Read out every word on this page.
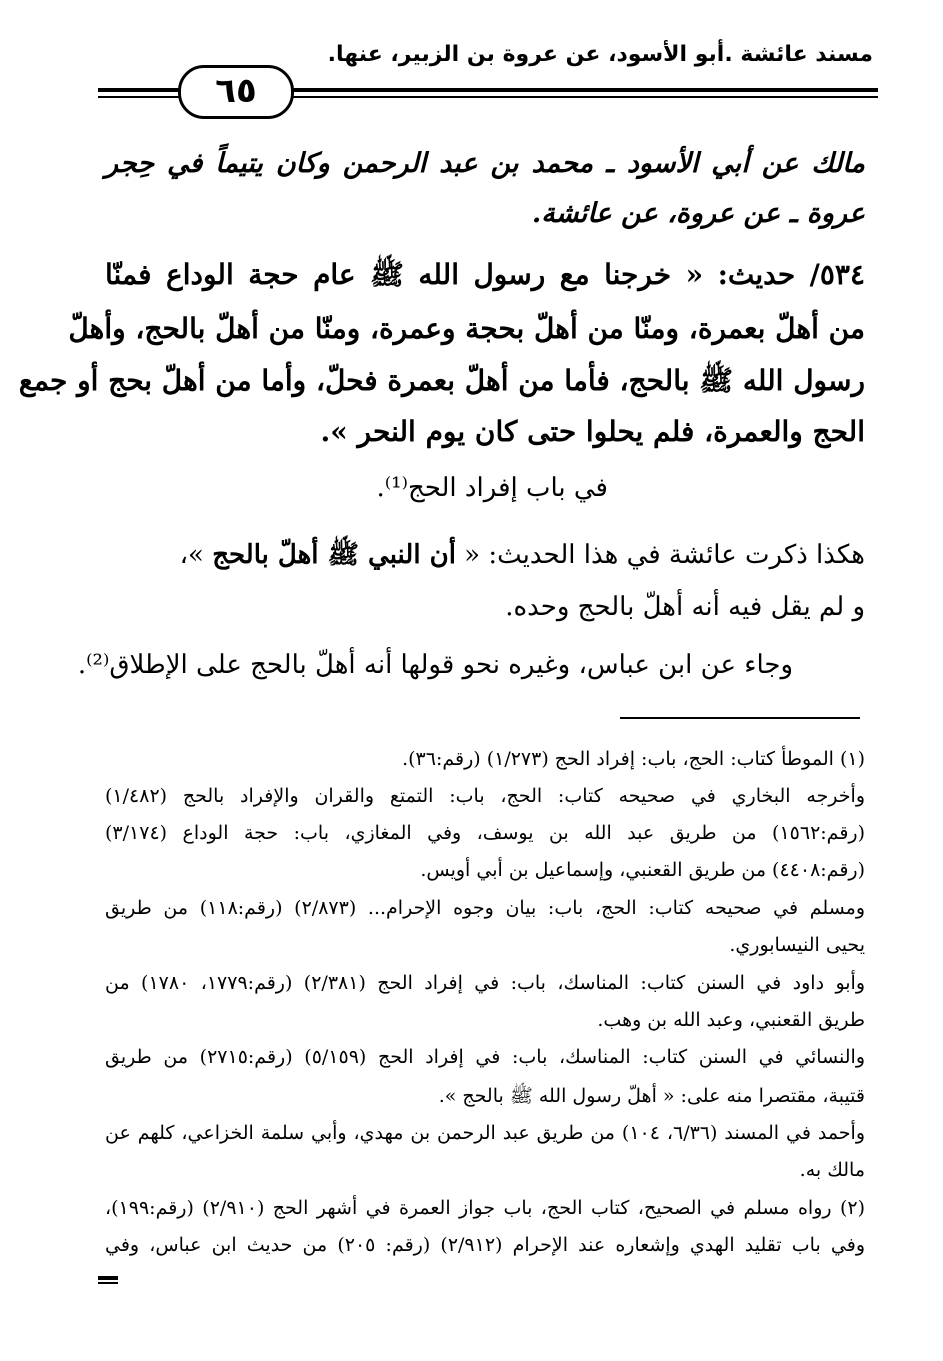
مسند عائشة .أبو الأسود، عن عروة بن الزبير، عنها.
٦٥
مالك عن أبي الأسود ـ محمد بن عبد الرحمن وكان يتيماً في حِجر
عروة ـ عن عروة، عن عائشة.
٥٣٤/ حديث: « خرجنا مع رسول الله ﷺ عام حجة الوداع فمنّا
من أهلّ بعمرة، ومنّا من أهلّ بحجة وعمرة، ومنّا من أهلّ بالحج، وأهلّ
رسول الله ﷺ بالحج، فأما من أهلّ بعمرة فحلّ، وأما من أهلّ بحج أو جمع
الحج والعمرة، فلم يحلوا حتى كان يوم النحر ».
في باب إفراد الحج⁽¹⁾.
هكذا ذكرت عائشة في هذا الحديث: « أن النبي ﷺ أهلّ بالحج »،
و لم يقل فيه أنه أهلّ بالحج وحده.
وجاء عن ابن عباس، وغيره نحو قولها أنه أهلّ بالحج على الإطلاق⁽²⁾.
(١) الموطأ كتاب: الحج، باب: إفراد الحج (١/٢٧٣) (رقم:٣٦).
وأخرجه البخاري في صحيحه كتاب: الحج، باب: التمتع والقران والإفراد بالحج (١/٤٨٢)
(رقم:١٥٦٢) من طريق عبد الله بن يوسف، وفي المغازي، باب: حجة الوداع (٣/١٧٤)
(رقم:٤٤٠٨) من طريق القعنبي، وإسماعيل بن أبي أويس.
ومسلم في صحيحه كتاب: الحج، باب: بيان وجوه الإحرام... (٢/٨٧٣) (رقم:١١٨) من طريق
يحيى النيسابوري.
وأبو داود في السنن كتاب: المناسك، باب: في إفراد الحج (٢/٣٨١) (رقم:١٧٧٩، ١٧٨٠) من
طريق القعنبي، وعبد الله بن وهب.
والنسائي في السنن كتاب: المناسك، باب: في إفراد الحج (٥/١٥٩) (رقم:٢٧١٥) من طريق
قتيبة، مقتصرا منه على: « أهلّ رسول الله ﷺ بالحج ».
وأحمد في المسند (٦/٣٦، ١٠٤) من طريق عبد الرحمن بن مهدي، وأبي سلمة الخزاعي، كلهم عن
مالك به.
(٢) رواه مسلم في الصحيح، كتاب الحج، باب جواز العمرة في أشهر الحج (٢/٩١٠) (رقم:١٩٩)،
وفي باب تقليد الهدي وإشعاره عند الإحرام (٢/٩١٢) (رقم: ٢٠٥) من حديث ابن عباس، وفي
